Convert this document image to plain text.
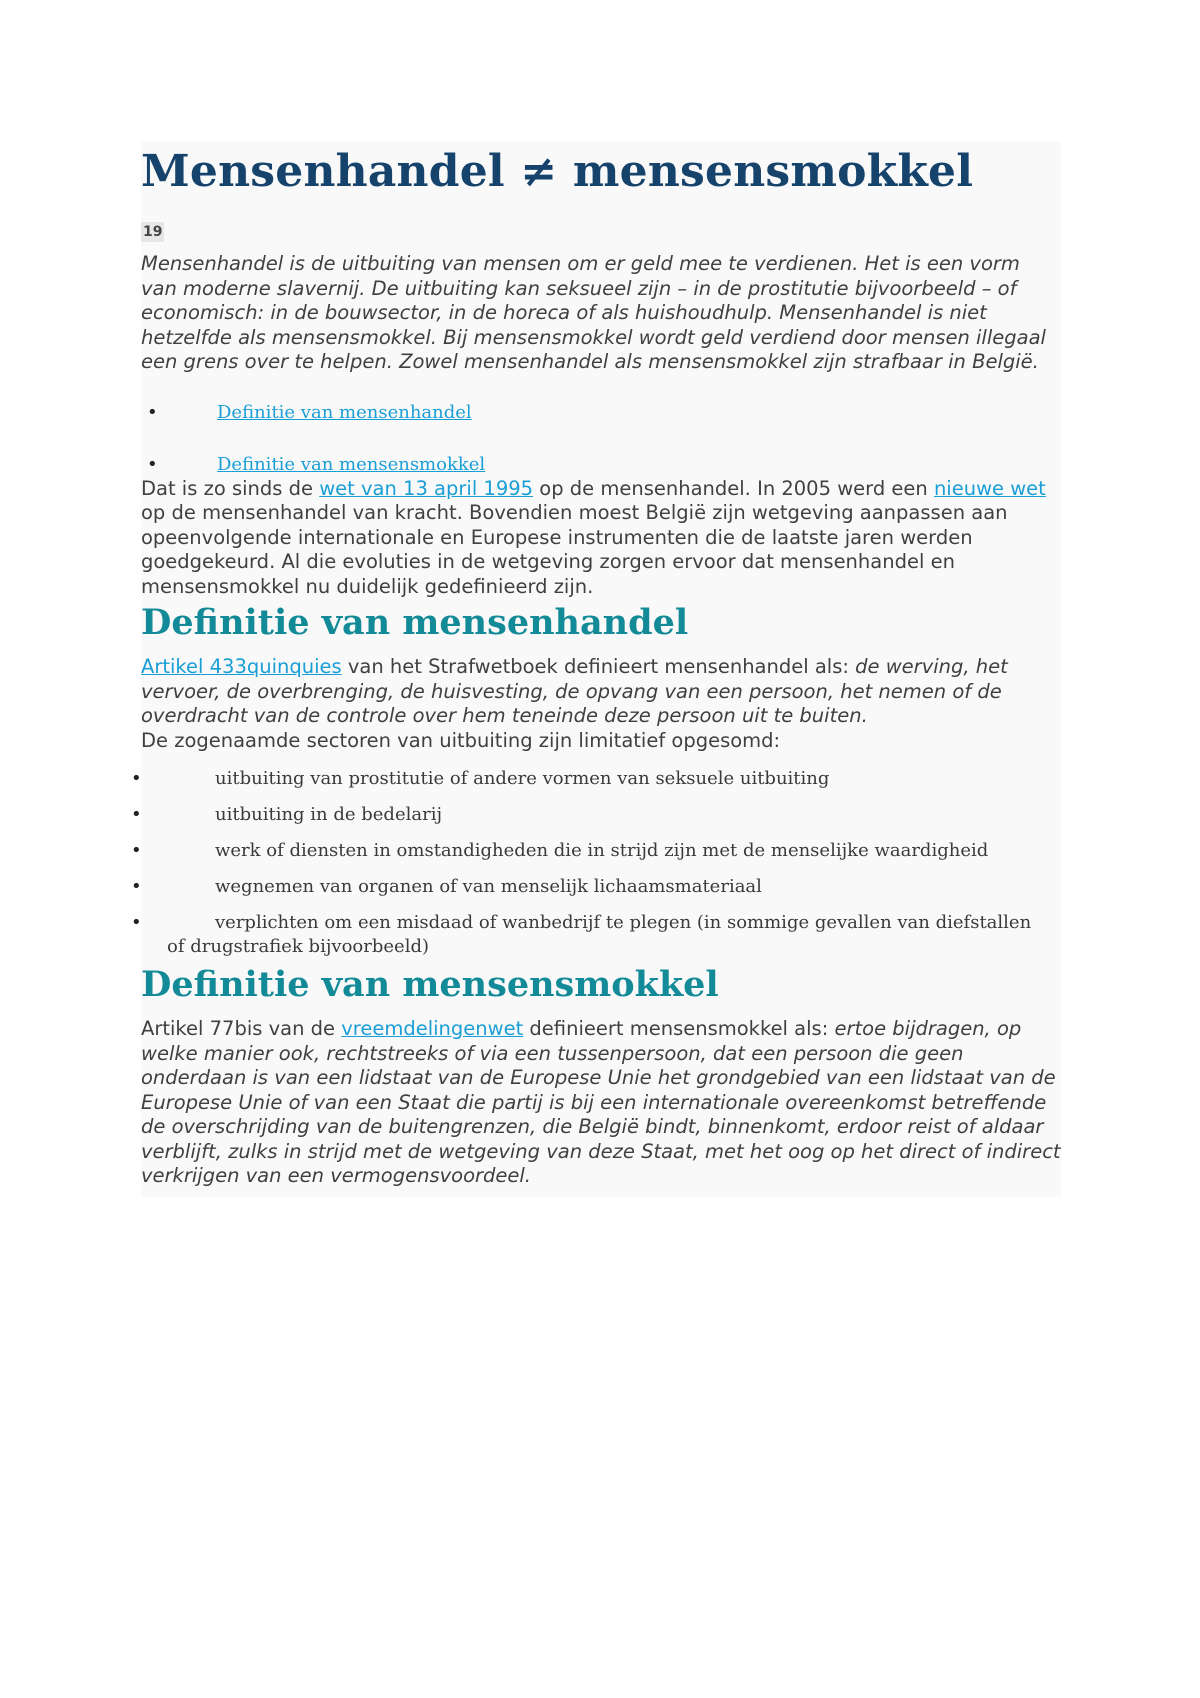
Mensenhandel ≠ mensensmokkel
19

Mensenhandel is de uitbuiting van mensen om er geld mee te verdienen. Het is een vorm van moderne slavernij. De uitbuiting kan seksueel zijn – in de prostitutie bijvoorbeeld – of economisch: in de bouwsector, in de horeca of als huishoudhulp. Mensenhandel is niet hetzelfde als mensensmokkel. Bij mensensmokkel wordt geld verdiend door mensen illegaal een grens over te helpen. Zowel mensenhandel als mensensmokkel zijn strafbaar in België.

•	Definitie van mensenhandel
•	Definitie van mensensmokkel

Dat is zo sinds de wet van 13 april 1995 op de mensenhandel. In 2005 werd een nieuwe wet op de mensenhandel van kracht. Bovendien moest België zijn wetgeving aanpassen aan opeenvolgende internationale en Europese instrumenten die de laatste jaren werden goedgekeurd. Al die evoluties in de wetgeving zorgen ervoor dat mensenhandel en mensensmokkel nu duidelijk gedefinieerd zijn.

Definitie van mensenhandel

Artikel 433quinquies van het Strafwetboek definieert mensenhandel als: de werving, het vervoer, de overbrenging, de huisvesting, de opvang van een persoon, het nemen of de overdracht van de controle over hem teneinde deze persoon uit te buiten.

De zogenaamde sectoren van uitbuiting zijn limitatief opgesomd:

•	uitbuiting van prostitutie of andere vormen van seksuele uitbuiting
•	uitbuiting in de bedelarij
•	werk of diensten in omstandigheden die in strijd zijn met de menselijke waardigheid
•	wegnemen van organen of van menselijk lichaamsmateriaal
•	verplichten om een misdaad of wanbedrijf te plegen (in sommige gevallen van diefstallen
of drugstrafiek bijvoorbeeld)
Definitie van mensensmokkel

Artikel 77bis van de vreemdelingenwet definieert mensensmokkel als: ertoe bijdragen, op welke manier ook, rechtstreeks of via een tussenpersoon, dat een persoon die geen onderdaan is van een lidstaat van de Europese Unie het grondgebied van een lidstaat van de Europese Unie of van een Staat die partij is bij een internationale overeenkomst betreffende de overschrijding van de buitengrenzen, die België bindt, binnenkomt, erdoor reist of aldaar verblijft, zulks in strijd met de wetgeving van deze Staat, met het oog op het direct of indirect verkrijgen van een vermogensvoordeel.
